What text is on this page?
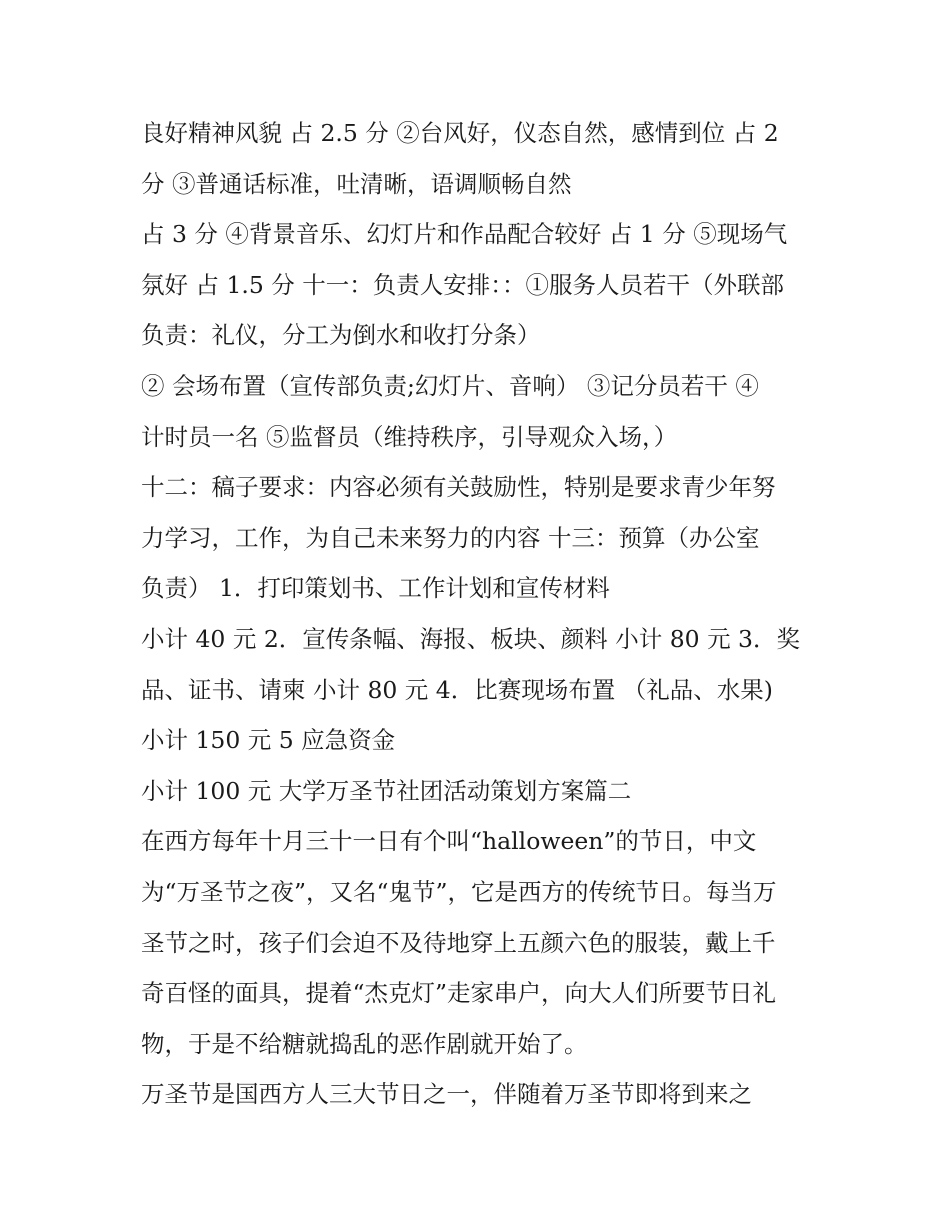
良好精神风貌 占 2.5 分 ②台风好，仪态自然，感情到位 占 2
分 ③普通话标准，吐清晰，语调顺畅自然
占 3 分 ④背景音乐、幻灯片和作品配合较好 占 1 分 ⑤现场气
氛好 占 1.5 分 十一：负责人安排：：①服务人员若干（外联部
负责：礼仪，分工为倒水和收打分条）
② 会场布置（宣传部负责;幻灯片、音响） ③记分员若干 ④
计时员一名 ⑤监督员（维持秩序，引导观众入场，）
十二：稿子要求：内容必须有关鼓励性，特别是要求青少年努
力学习，工作，为自己未来努力的内容 十三：预算（办公室
负责） 1．打印策划书、工作计划和宣传材料
小计 40 元 2．宣传条幅、海报、板块、颜料 小计 80 元 3．奖
品、证书、请柬 小计 80 元 4．比赛现场布置 （礼品、水果)
小计 150 元 5 应急资金
小计 100 元 大学万圣节社团活动策划方案篇二
在西方每年十月三十一日有个叫“halloween”的节日，中文
为“万圣节之夜”，又名“鬼节”，它是西方的传统节日。每当万
圣节之时，孩子们会迫不及待地穿上五颜六色的服装，戴上千
奇百怪的面具，提着“杰克灯”走家串户，向大人们所要节日礼
物，于是不给糖就捣乱的恶作剧就开始了。
万圣节是国西方人三大节日之一，伴随着万圣节即将到来之
